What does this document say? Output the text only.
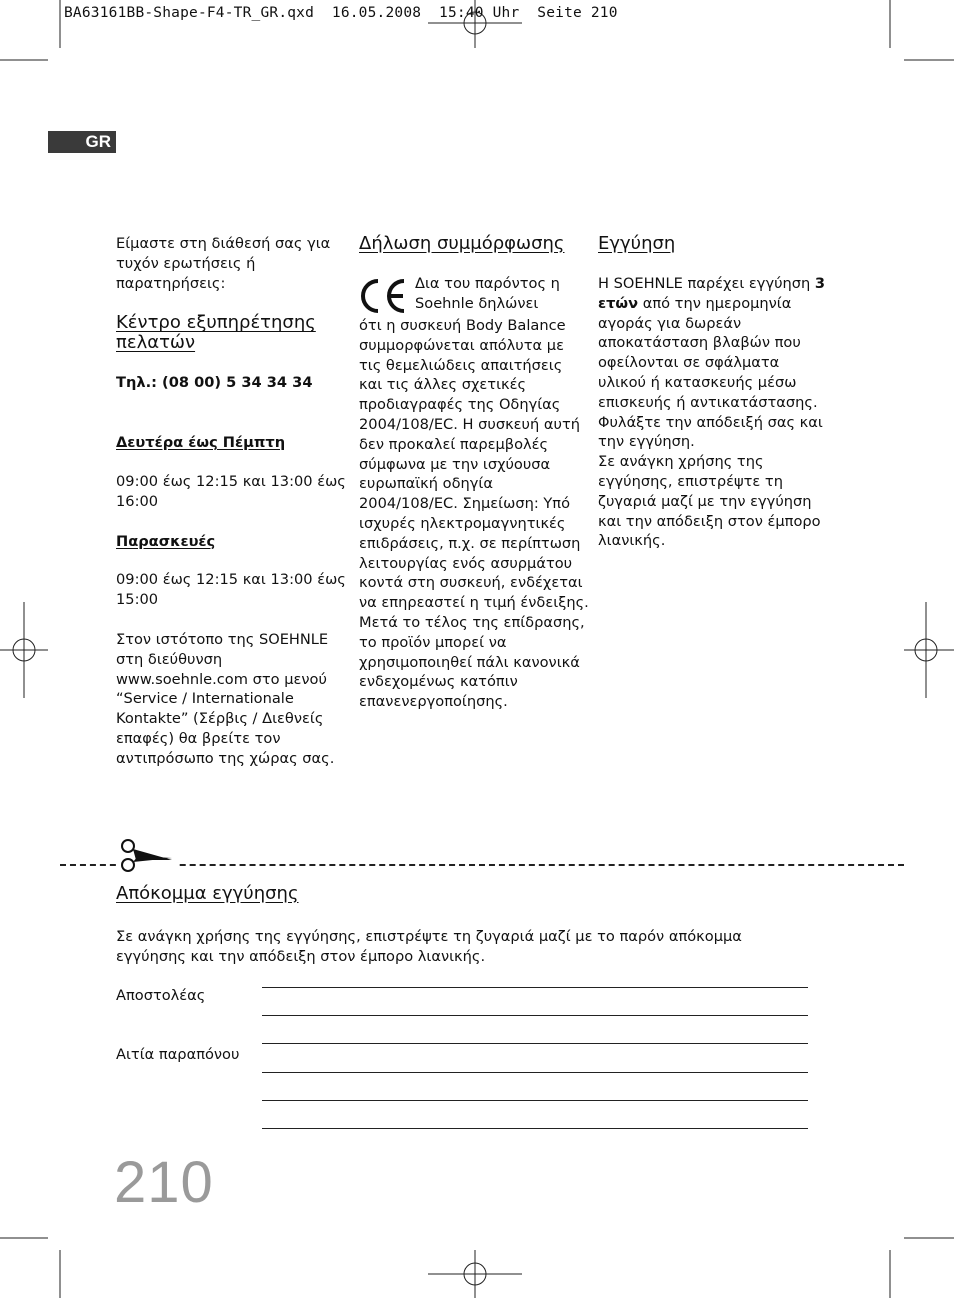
BA63161BB-Shape-F4-TR_GR.qxd  16.05.2008  15:40 Uhr  Seite 210
GR

Είμαστε στη διάθεσή σας για τυχόν ερωτήσεις ή παρατηρήσεις:

Κέντρο εξυπηρέτησης πελατών

Τηλ.: (08 00) 5 34 34 34

Δευτέρα έως Πέμπτη

09:00 έως 12:15 και 13:00 έως 16:00

Παρασκευές

09:00 έως 12:15 και 13:00 έως 15:00

Στον ιστότοπο της SOEHNLE στη διεύθυνση www.soehnle.com στο μενού “Service / Internationale Kontakte” (Σέρβις / Διεθνείς επαφές) θα βρείτε τον αντιπρόσωπο της χώρας σας.

Δήλωση συμμόρφωσης

Δια του παρόντος η Soehnle δηλώνει

ότι η συσκευή Body Balance συμμορφώνεται απόλυτα με τις θεμελιώδεις απαιτήσεις και τις άλλες σχετικές προδιαγραφές της Οδηγίας 2004/108/EC. Η συσκευή αυτή δεν προκαλεί παρεμβολές σύμφωνα με την ισχύουσα ευρωπαϊκή οδηγία 2004/108/EC. Σημείωση: Υπό ισχυρές ηλεκτρομαγνητικές επιδράσεις, π.χ. σε περίπτωση λειτουργίας ενός ασυρμάτου κοντά στη συσκευή, ενδέχεται να επηρεαστεί η τιμή ένδειξης. Μετά το τέλος της επίδρασης, το προϊόν μπορεί να χρησιμοποιηθεί πάλι κανονικά ενδεχομένως κατόπιν επανενεργοποίησης.

Εγγύηση

Η SOEHNLE παρέχει εγγύηση 3 ετών από την ημερομηνία αγοράς για δωρεάν αποκατάσταση βλαβών που οφείλονται σε σφάλματα υλικού ή κατασκευής μέσω επισκευής ή αντικατάστασης. Φυλάξτε την απόδειξή σας και την εγγύηση.

Σε ανάγκη χρήσης της εγγύησης, επιστρέψτε τη ζυγαριά μαζί με την εγγύηση και την απόδειξη στον έμπορο λιανικής.

Απόκομμα εγγύησης

Σε ανάγκη χρήσης της εγγύησης, επιστρέψτε τη ζυγαριά μαζί με το παρόν απόκομμα εγγύησης και την απόδειξη στον έμπορο λιανικής.

Αποστολέας

Αιτία παραπόνου

210
